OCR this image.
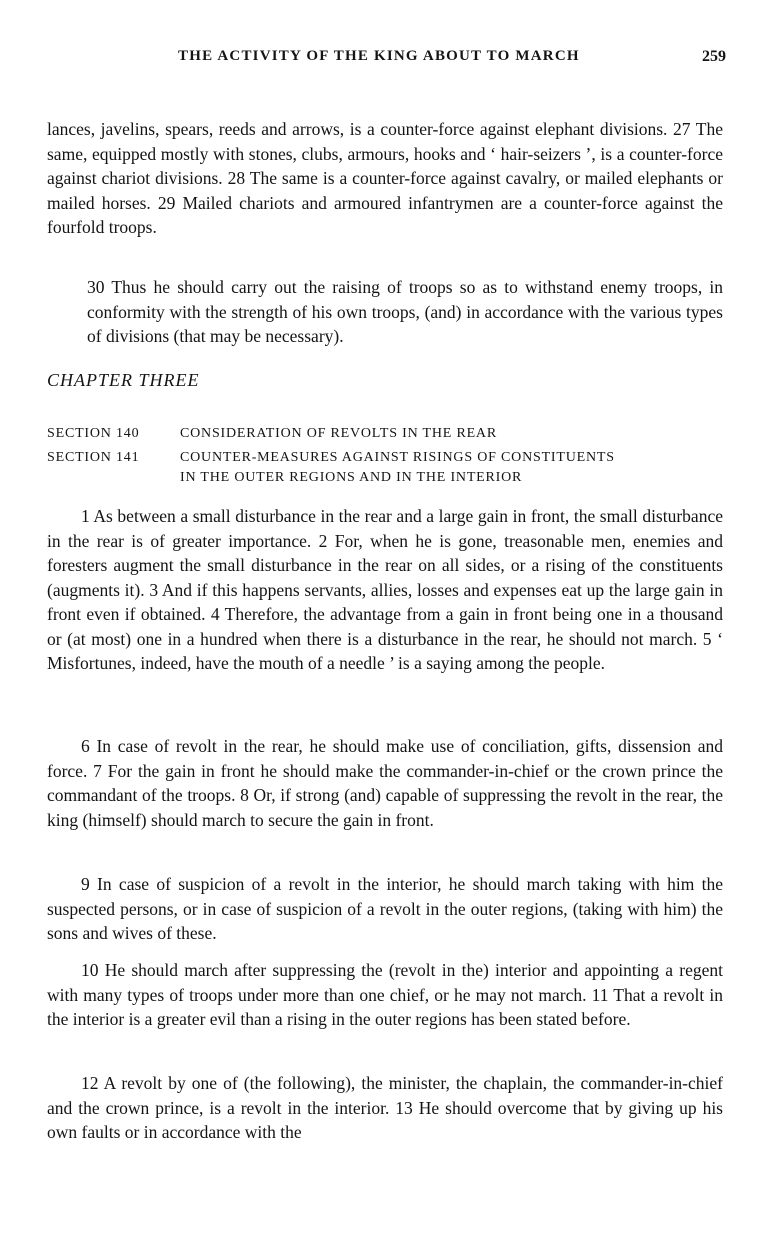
THE ACTIVITY OF THE KING ABOUT TO MARCH	259

lances, javelins, spears, reeds and arrows, is a counter-force against elephant divisions. 27 The same, equipped mostly with stones, clubs, armours, hooks and ‘ hair-seizers ’, is a counter-force against chariot divisions. 28 The same is a counter-force against cavalry, or mailed elephants or mailed horses. 29 Mailed chariots and armoured infantrymen are a counter-force against the fourfold troops.

30 Thus he should carry out the raising of troops so as to withstand enemy troops, in conformity with the strength of his own troops, (and) in accordance with the various types of divisions (that may be necessary).

CHAPTER THREE
SECTION 140	CONSIDERATION OF REVOLTS IN THE REAR
SECTION 141	COUNTER-MEASURES AGAINST RISINGS OF CONSTITUENTS
IN THE OUTER REGIONS AND IN THE INTERIOR

1 As between a small disturbance in the rear and a large gain in front, the small disturbance in the rear is of greater importance. 2 For, when he is gone, treasonable men, enemies and foresters augment the small disturbance in the rear on all sides, or a rising of the constituents (augments it). 3 And if this happens servants, allies, losses and expenses eat up the large gain in front even if obtained. 4 Therefore, the advantage from a gain in front being one in a thousand or (at most) one in a hundred when there is a disturbance in the rear, he should not march. 5 ‘ Misfortunes, indeed, have the mouth of a needle ’ is a saying among the people.

6 In case of revolt in the rear, he should make use of conciliation, gifts, dissension and force. 7 For the gain in front he should make the commander-in-chief or the crown prince the commandant of the troops. 8 Or, if strong (and) capable of suppressing the revolt in the rear, the king (himself) should march to secure the gain in front.

9 In case of suspicion of a revolt in the interior, he should march taking with him the suspected persons, or in case of suspicion of a revolt in the outer regions, (taking with him) the sons and wives of these.

10 He should march after suppressing the (revolt in the) interior and appointing a regent with many types of troops under more than one chief, or he may not march. 11 That a revolt in the interior is a greater evil than a rising in the outer regions has been stated before.

12 A revolt by one of (the following), the minister, the chaplain, the commander-in-chief and the crown prince, is a revolt in the interior. 13 He should overcome that by giving up his own faults or in accordance with the
